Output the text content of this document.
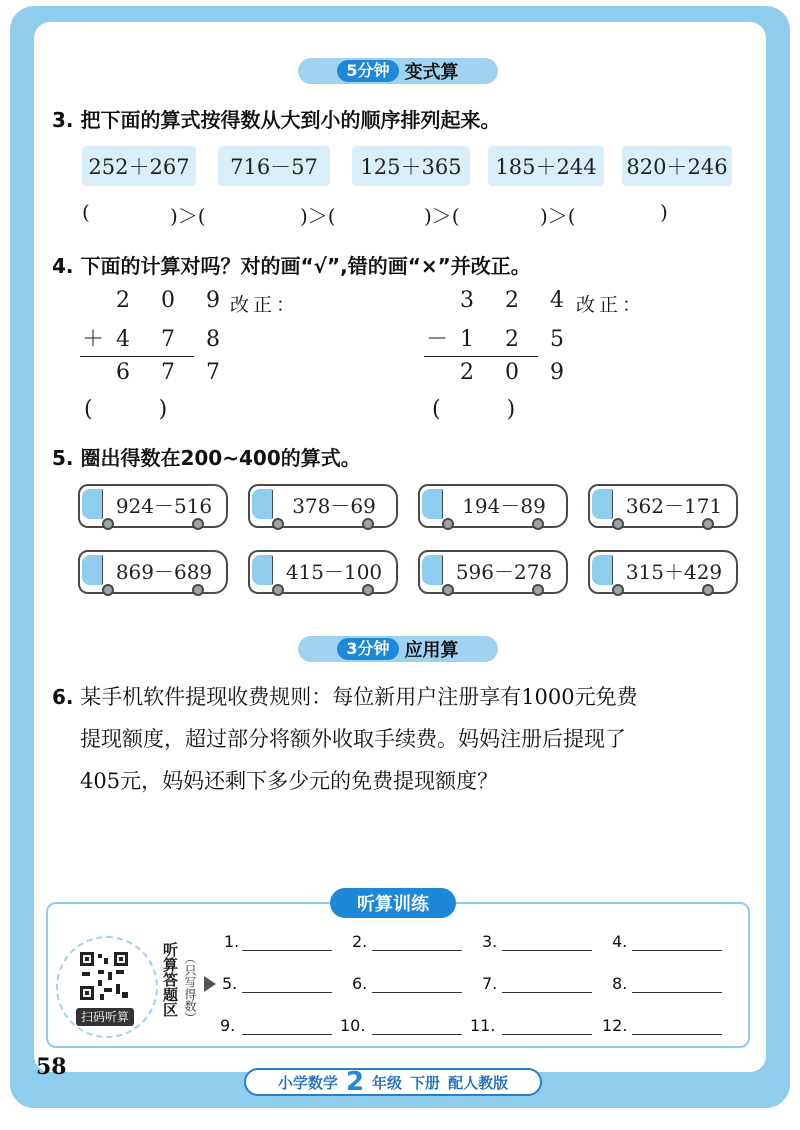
5分钟 变式算
3. 把下面的算式按得数从大到小的顺序排列起来。
252＋267	716－57	125＋365	185＋244	820＋246
(	)＞(	)＞(	)＞(	)＞(	)
4. 下面的计算对吗？对的画“√”,错的画“×”并改正。
2 0 9
＋4 7 8
6 7 7
(　　　)
改正：	3 2 4
－1 2 5
2 0 9
(　　　)
改正：
5. 圈出得数在200~400的算式。
924－516	378－69	194－89	362－171
869－689	415－100	596－278	315＋429
3分钟 应用算
6. 某手机软件提现收费规则：每位新用户注册享有1000元免费
提现额度，超过部分将额外收取手续费。妈妈注册后提现了
405元，妈妈还剩下多少元的免费提现额度？
听算训练
扫码听算	听算答题区 （只写得数）
1.	2.	3.	4.
5.	6.	7.	8.
9.	10.	11.	12.
58
小学数学 2 年级 下册 配人教版
